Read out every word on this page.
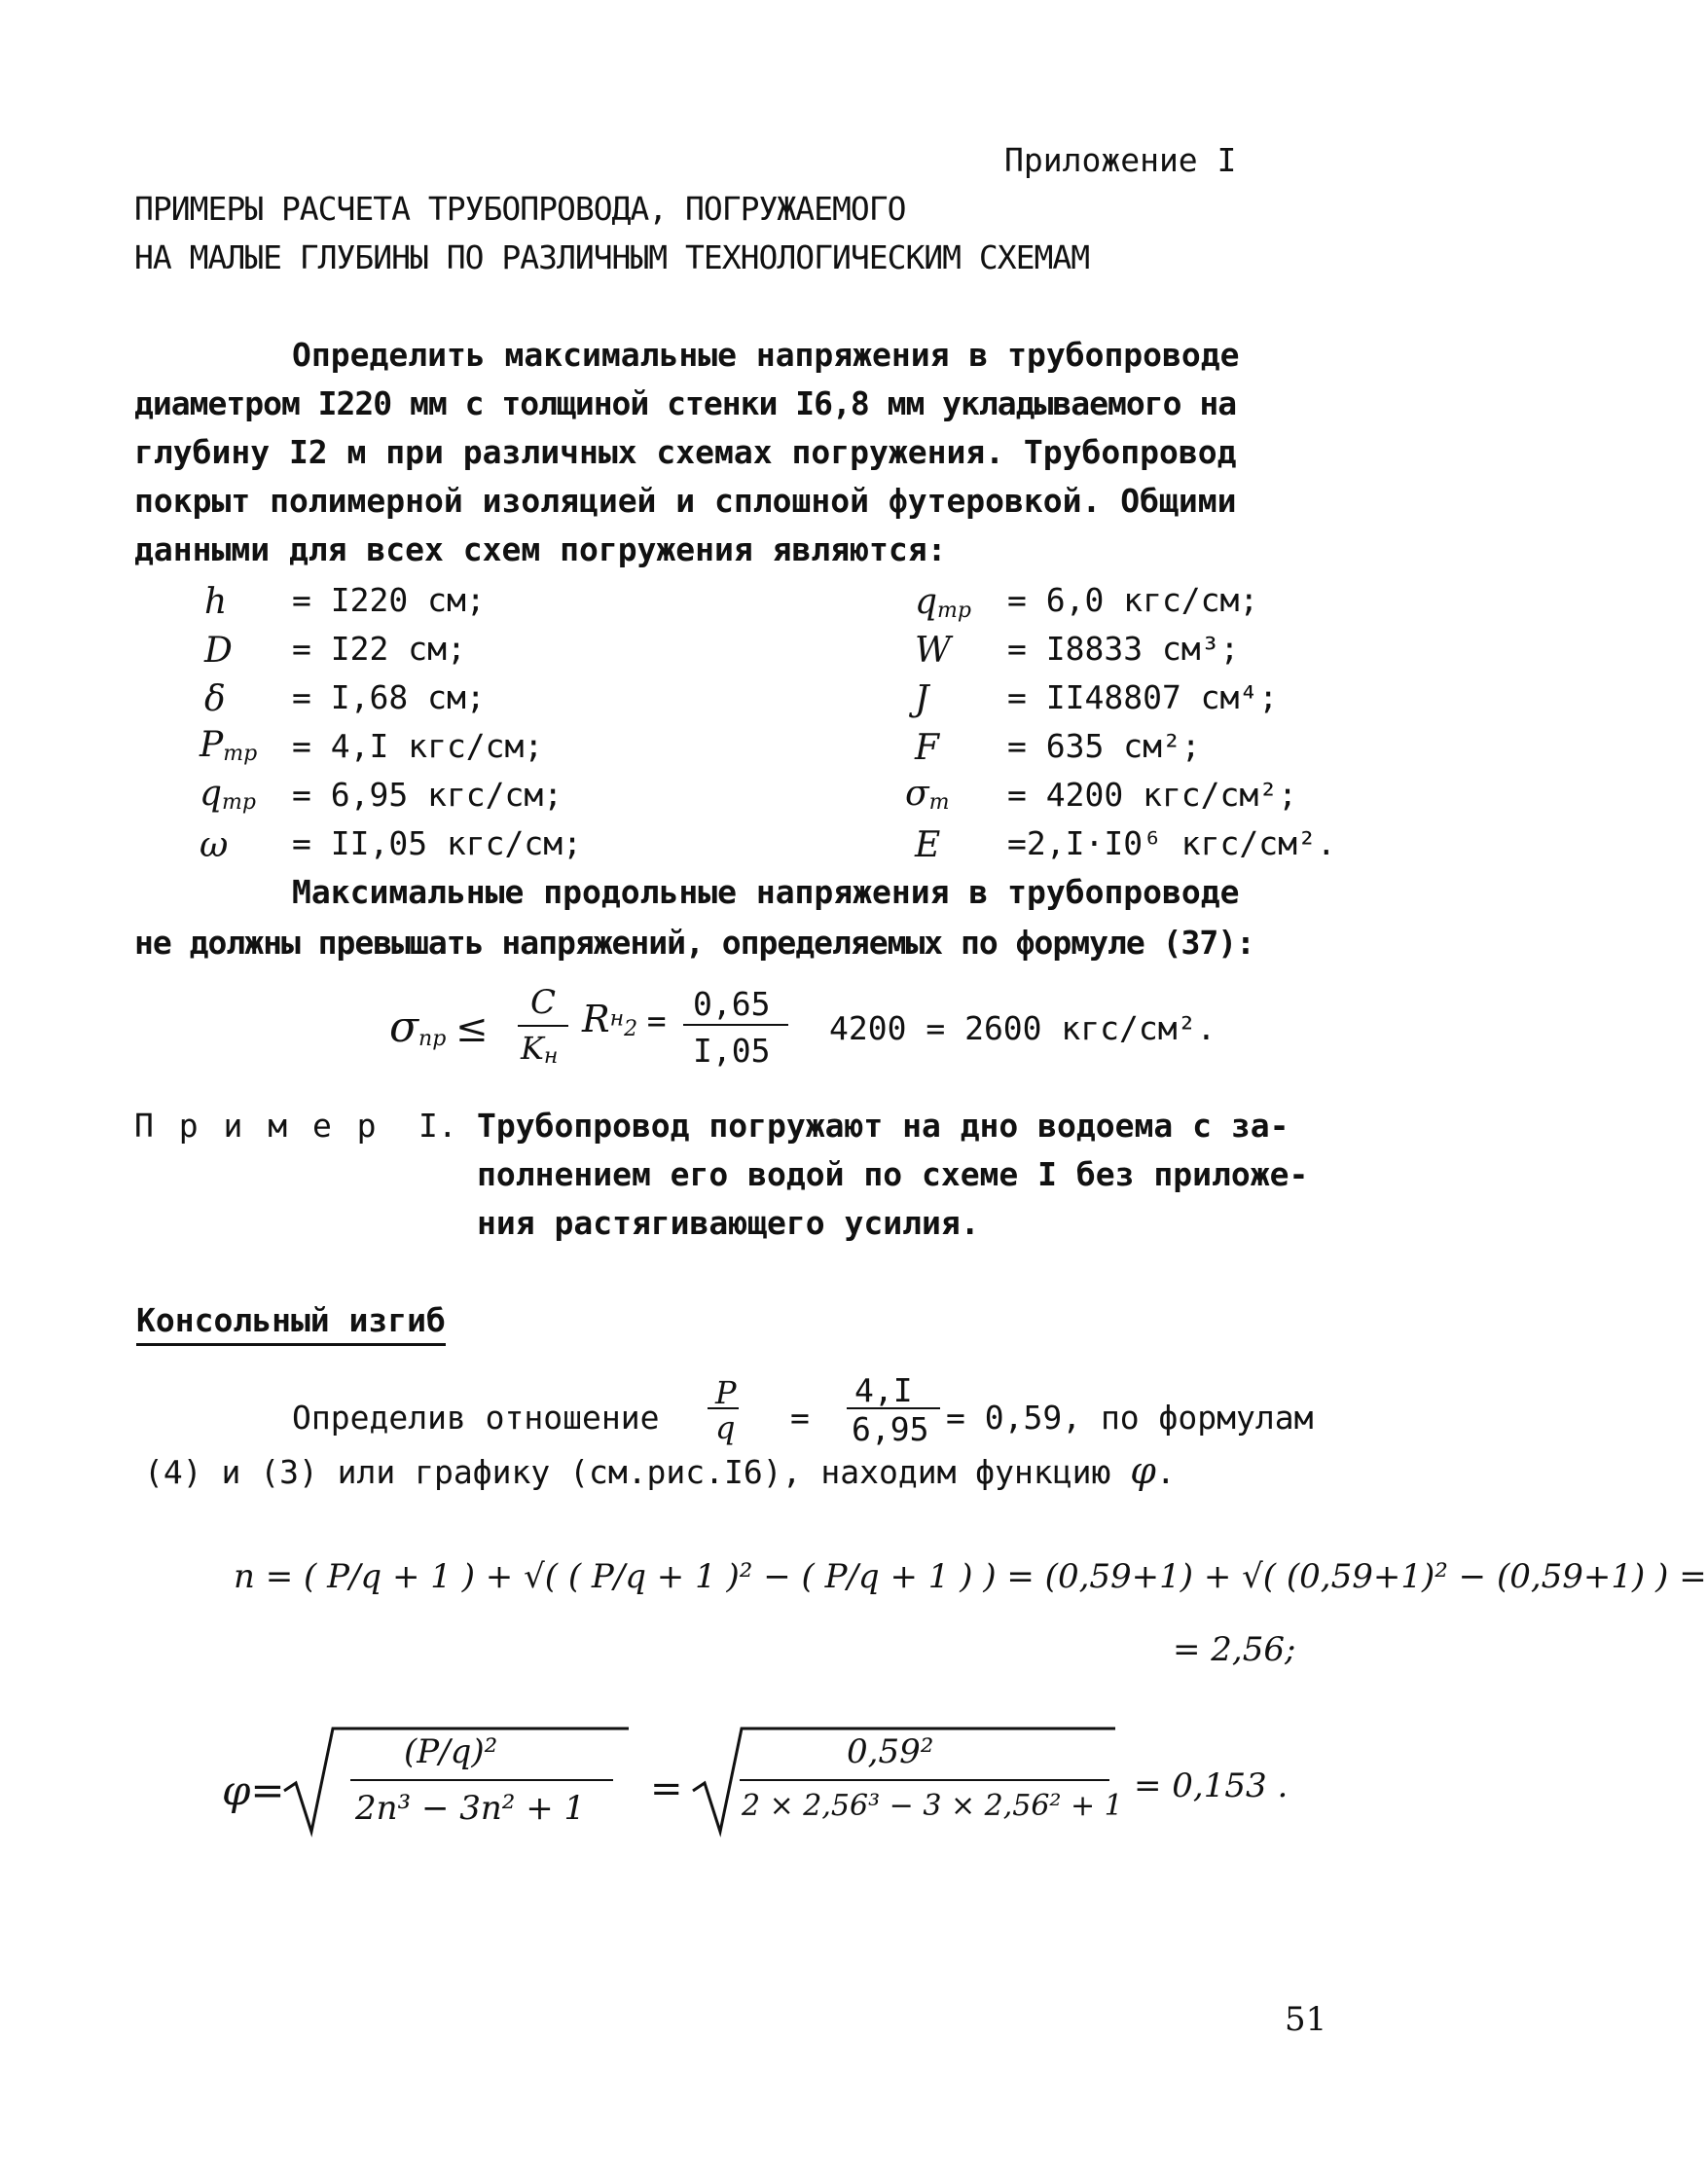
Приложение I
ПРИМЕРЫ РАСЧЕТА ТРУБОПРОВОДА, ПОГРУЖАЕМОГО
НА МАЛЫЕ ГЛУБИНЫ ПО РАЗЛИЧНЫМ ТЕХНОЛОГИЧЕСКИМ СХЕМАМ
Определить максимальные напряжения в трубопроводе
диаметром I220 мм с толщиной стенки I6,8 мм укладываемого на
глубину I2 м при различных схемах погружения. Трубопровод
покрыт полимерной изоляцией и сплошной футеровкой. Общими
данными для всех схем погружения являются:
h = I220 см;
D = I22 см;
δ = I,68 см;
Pтр = 4,I кгс/см;
qтр = 6,95 кгс/см;
ω = II,05 кгс/см;
qтр = 6,0 кгс/см;
W = I8833 см³;
J = II48807 см⁴;
F = 635 см²;
σт = 4200 кгс/см²;
E =2,I·I0⁶ кгс/см².
Максимальные продольные напряжения в трубопроводе
не должны превышать напряжений, определяемых по формуле (37):
σпр ≤
C
Kн
Rн2 = 0,65
I,05
4200 = 2600 кгс/см².
П р и м е р I. Трубопровод погружают на дно водоема с за-
полнением его водой по схеме I без приложе-
ния растягивающего усилия.
Консольный изгиб
Определив отношение
P
q =
4,I
6,95 = 0,59, по формулам
(4) и (3) или графику (см.рис.I6), находим функцию φ.
n = ( P/q + 1 ) + √( ( P/q + 1 )² − ( P/q + 1 ) ) = (0,59+1) + √( (0,59+1)² − (0,59+1) ) =
= 2,56;
φ=
(P/q)²
2n³ − 3n² + 1 =
0,59²
2 × 2,56³ − 3 × 2,56² + 1
= 0,153 .
51
